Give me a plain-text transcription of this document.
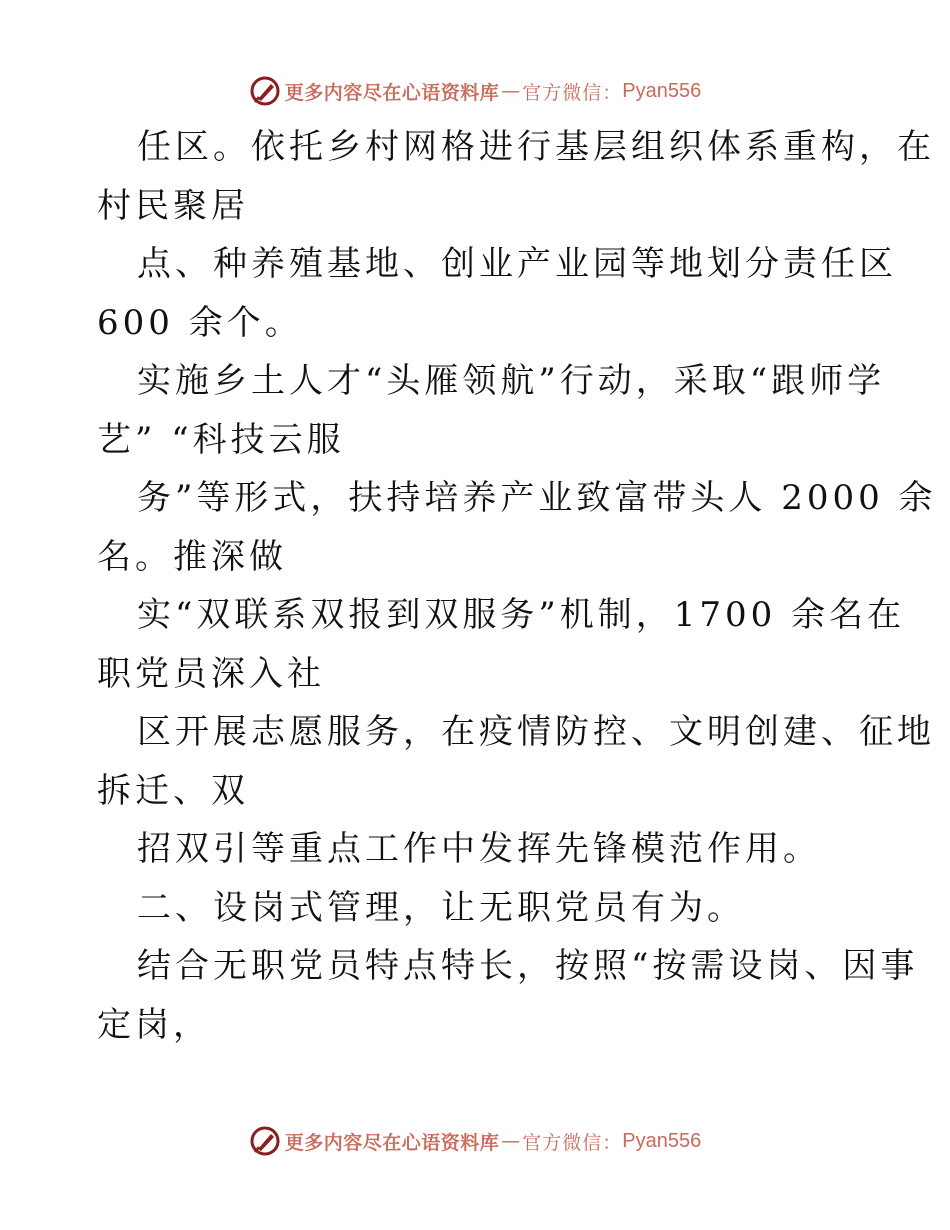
更多内容尽在心语资料库 — 官方微信： Pyan556
任区。依托乡村网格进行基层组织体系重构，在
村民聚居
点、种养殖基地、创业产业园等地划分责任区
600 余个。
实施乡土人才“头雁领航”行动，采取“跟师学
艺” “科技云服
务”等形式，扶持培养产业致富带头人 2000 余
名。推深做
实“双联系双报到双服务”机制，1700 余名在
职党员深入社
区开展志愿服务，在疫情防控、文明创建、征地
拆迁、双
招双引等重点工作中发挥先锋模范作用。
二、设岗式管理，让无职党员有为。
结合无职党员特点特长，按照“按需设岗、因事
定岗，
更多内容尽在心语资料库 — 官方微信： Pyan556
